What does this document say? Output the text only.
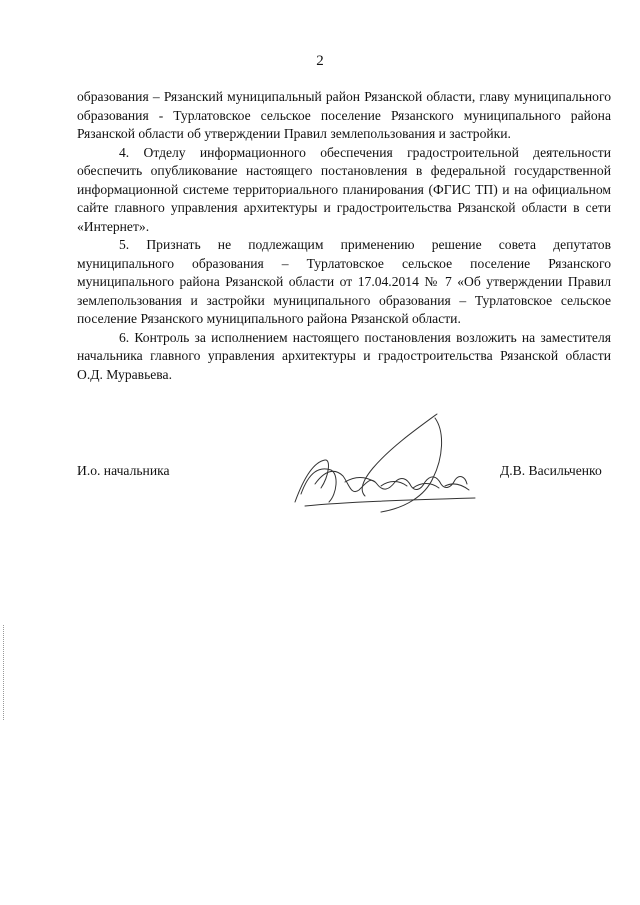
2

образования – Рязанский муниципальный район Рязанской области, главу муниципального образования - Турлатовское сельское поселение Рязанского муниципального района Рязанской области об утверждении Правил землепользования и застройки.

4. Отделу информационного обеспечения градостроительной деятельности обеспечить опубликование настоящего постановления в федеральной государственной информационной системе территориального планирования (ФГИС ТП) и на официальном сайте главного управления архитектуры и градостроительства Рязанской области в сети «Интернет».

5. Признать не подлежащим применению решение совета депутатов муниципального образования – Турлатовское сельское поселение Рязанского муниципального района Рязанской области от 17.04.2014 № 7 «Об утверждении Правил землепользования и застройки муниципального образования – Турлатовское сельское поселение Рязанского муниципального района Рязанской области.

6. Контроль за исполнением настоящего постановления возложить на заместителя начальника главного управления архитектуры и градостроительства Рязанской области О.Д. Муравьева.

И.о. начальника	Д.В. Васильченко
